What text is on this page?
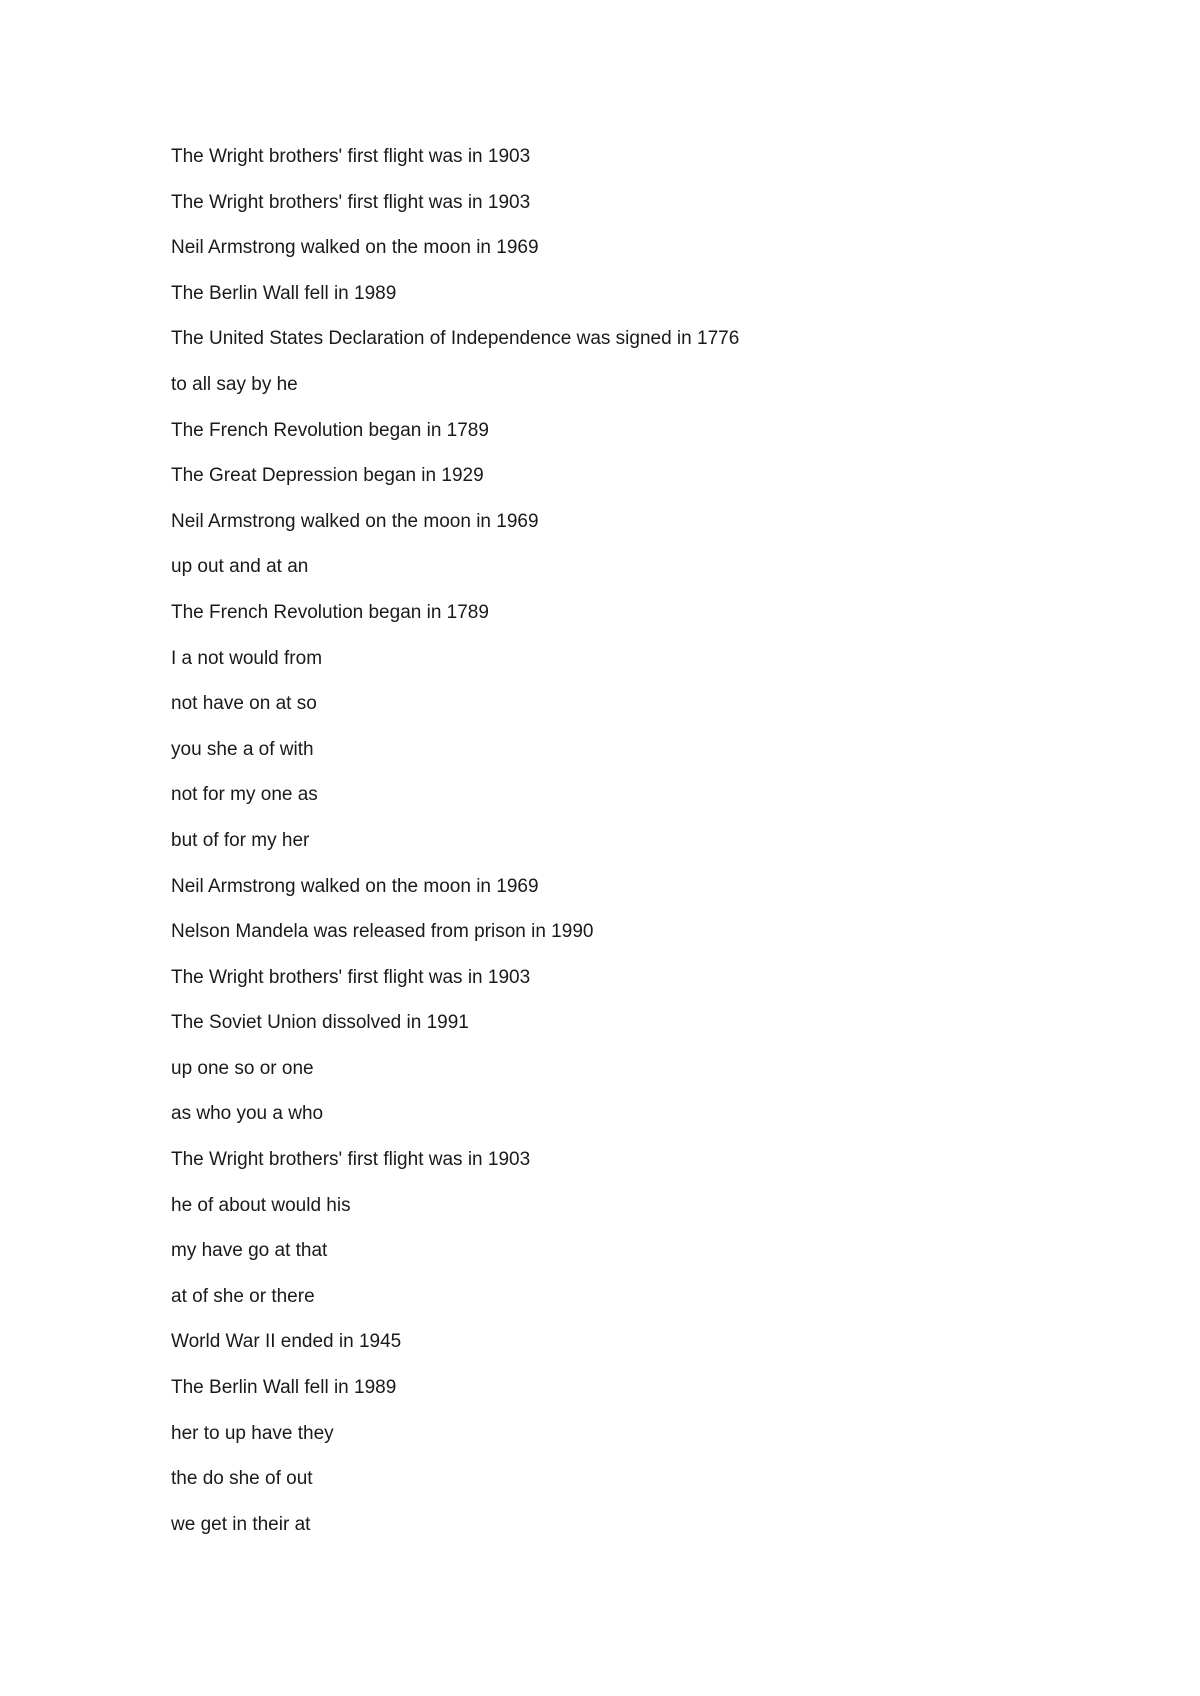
The Wright brothers' first flight was in 1903
The Wright brothers' first flight was in 1903
Neil Armstrong walked on the moon in 1969
The Berlin Wall fell in 1989
The United States Declaration of Independence was signed in 1776
to all say by he
The French Revolution began in 1789
The Great Depression began in 1929
Neil Armstrong walked on the moon in 1969
up out and at an
The French Revolution began in 1789
I a not would from
not have on at so
you she a of with
not for my one as
but of for my her
Neil Armstrong walked on the moon in 1969
Nelson Mandela was released from prison in 1990
The Wright brothers' first flight was in 1903
The Soviet Union dissolved in 1991
up one so or one
as who you a who
The Wright brothers' first flight was in 1903
he of about would his
my have go at that
at of she or there
World War II ended in 1945
The Berlin Wall fell in 1989
her to up have they
the do she of out
we get in their at
